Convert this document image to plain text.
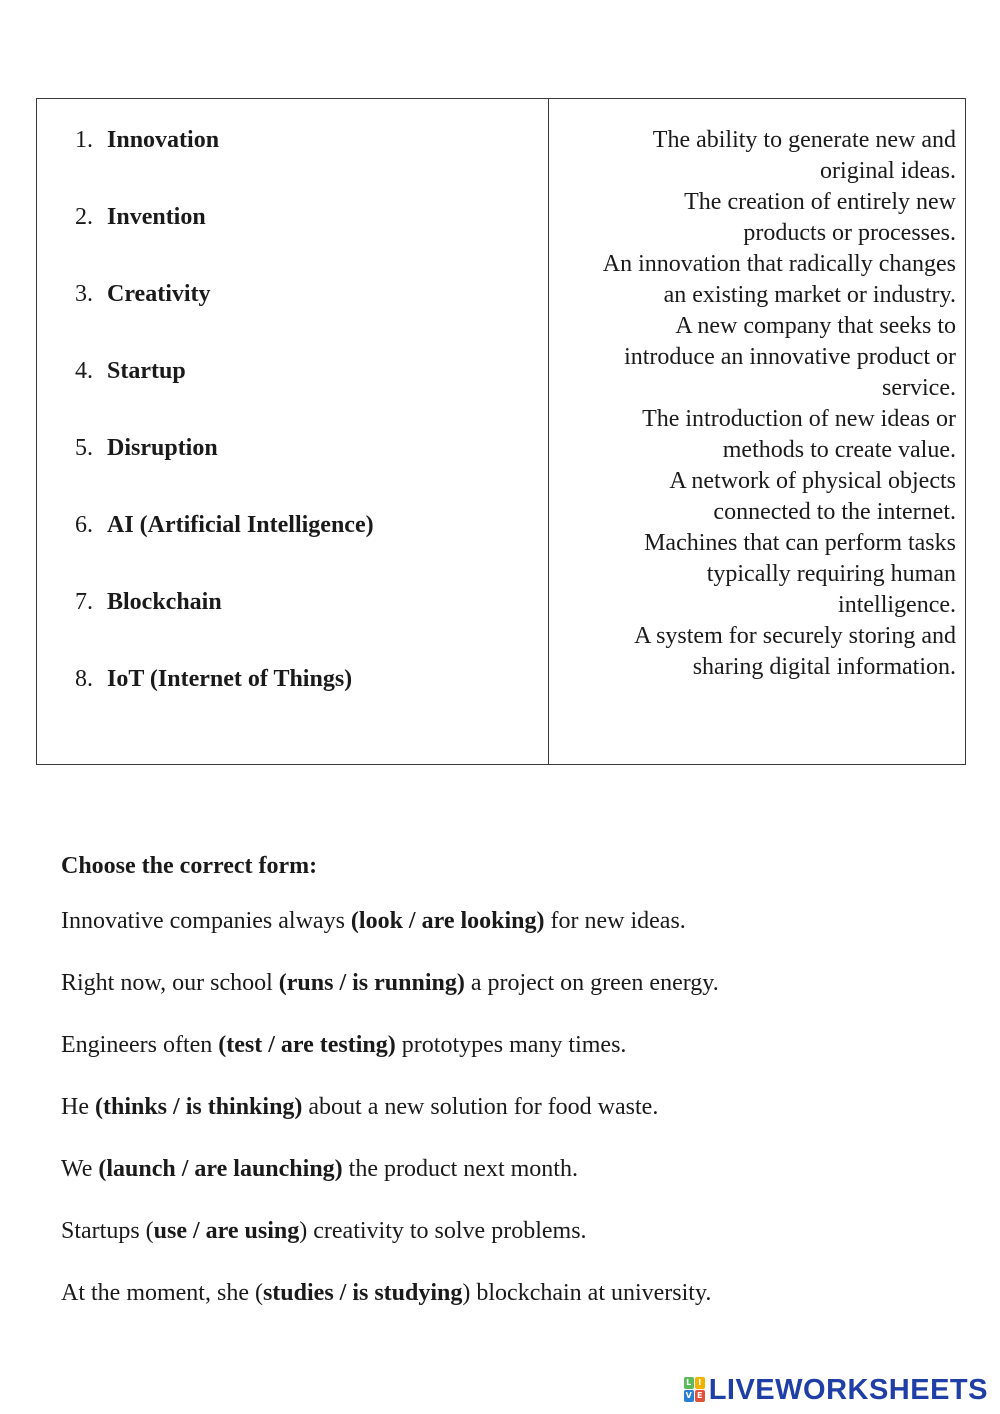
1. Innovation
2. Invention
3. Creativity
4. Startup
5. Disruption
6. AI (Artificial Intelligence)
7. Blockchain
8. IoT (Internet of Things)
The ability to generate new and
original ideas.
The creation of entirely new
products or processes.
An innovation that radically changes
an existing market or industry.
A new company that seeks to
introduce an innovative product or
service.
The introduction of new ideas or
methods to create value.
A network of physical objects
connected to the internet.
Machines that can perform tasks
typically requiring human
intelligence.
A system for securely storing and
sharing digital information.

Choose the correct form:

Innovative companies always (look / are looking) for new ideas.
Right now, our school (runs / is running) a project on green energy.
Engineers often (test / are testing) prototypes many times.
He (thinks / is thinking) about a new solution for food waste.
We (launch / are launching) the product next month.
Startups (use / are using) creativity to solve problems.
At the moment, she (studies / is studying) blockchain at university.
L I
V E LIVEWORKSHEETS
